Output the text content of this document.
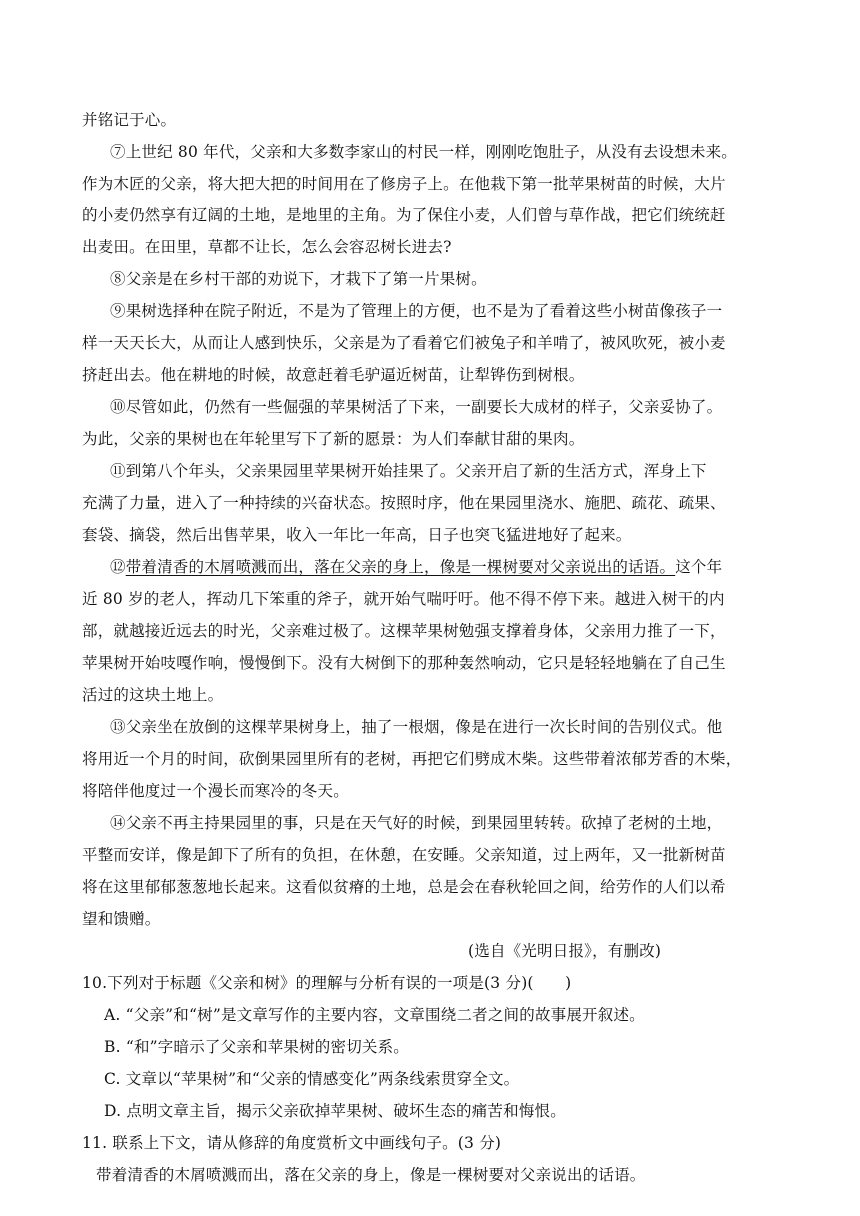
并铭记于心。
⑦上世纪 80 年代，父亲和大多数李家山的村民一样，刚刚吃饱肚子，从没有去设想未来。
作为木匠的父亲，将大把大把的时间用在了修房子上。在他栽下第一批苹果树苗的时候，大片
的小麦仍然享有辽阔的土地，是地里的主角。为了保住小麦，人们曾与草作战，把它们统统赶
出麦田。在田里，草都不让长，怎么会容忍树长进去?
⑧父亲是在乡村干部的劝说下，才栽下了第一片果树。
⑨果树选择种在院子附近，不是为了管理上的方便，也不是为了看着这些小树苗像孩子一
样一天天长大，从而让人感到快乐，父亲是为了看着它们被兔子和羊啃了，被风吹死，被小麦
挤赶出去。他在耕地的时候，故意赶着毛驴逼近树苗，让犁铧伤到树根。
⑩尽管如此，仍然有一些倔强的苹果树活了下来，一副要长大成材的样子，父亲妥协了。
为此，父亲的果树也在年轮里写下了新的愿景：为人们奉献甘甜的果肉。
⑪到第八个年头，父亲果园里苹果树开始挂果了。父亲开启了新的生活方式，浑身上下
充满了力量，进入了一种持续的兴奋状态。按照时序，他在果园里浇水、施肥、疏花、疏果、
套袋、摘袋，然后出售苹果，收入一年比一年高，日子也突飞猛进地好了起来。
⑫带着清香的木屑喷溅而出，落在父亲的身上，像是一棵树要对父亲说出的话语。这个年
近 80 岁的老人，挥动几下笨重的斧子，就开始气喘吁吁。他不得不停下来。越进入树干的内
部，就越接近远去的时光，父亲难过极了。这棵苹果树勉强支撑着身体，父亲用力推了一下，
苹果树开始吱嘎作响，慢慢倒下。没有大树倒下的那种轰然响动，它只是轻轻地躺在了自己生
活过的这块土地上。
⑬父亲坐在放倒的这棵苹果树身上，抽了一根烟，像是在进行一次长时间的告别仪式。他
将用近一个月的时间，砍倒果园里所有的老树，再把它们劈成木柴。这些带着浓郁芳香的木柴，
将陪伴他度过一个漫长而寒冷的冬天。
⑭父亲不再主持果园里的事，只是在天气好的时候，到果园里转转。砍掉了老树的土地，
平整而安详，像是卸下了所有的负担，在休憩，在安睡。父亲知道，过上两年，又一批新树苗
将在这里郁郁葱葱地长起来。这看似贫瘠的土地，总是会在春秋轮回之间，给劳作的人们以希
望和馈赠。
(选自《光明日报》，有删改)
10.下列对于标题《父亲和树》的理解与分析有误的一项是(3 分)(　　)
A. “父亲”和“树”是文章写作的主要内容，文章围绕二者之间的故事展开叙述。
B. “和”字暗示了父亲和苹果树的密切关系。
C. 文章以“苹果树”和“父亲的情感变化”两条线索贯穿全文。
D. 点明文章主旨，揭示父亲砍掉苹果树、破坏生态的痛苦和悔恨。
11. 联系上下文，请从修辞的角度赏析文中画线句子。(3 分)
带着清香的木屑喷溅而出，落在父亲的身上，像是一棵树要对父亲说出的话语。
